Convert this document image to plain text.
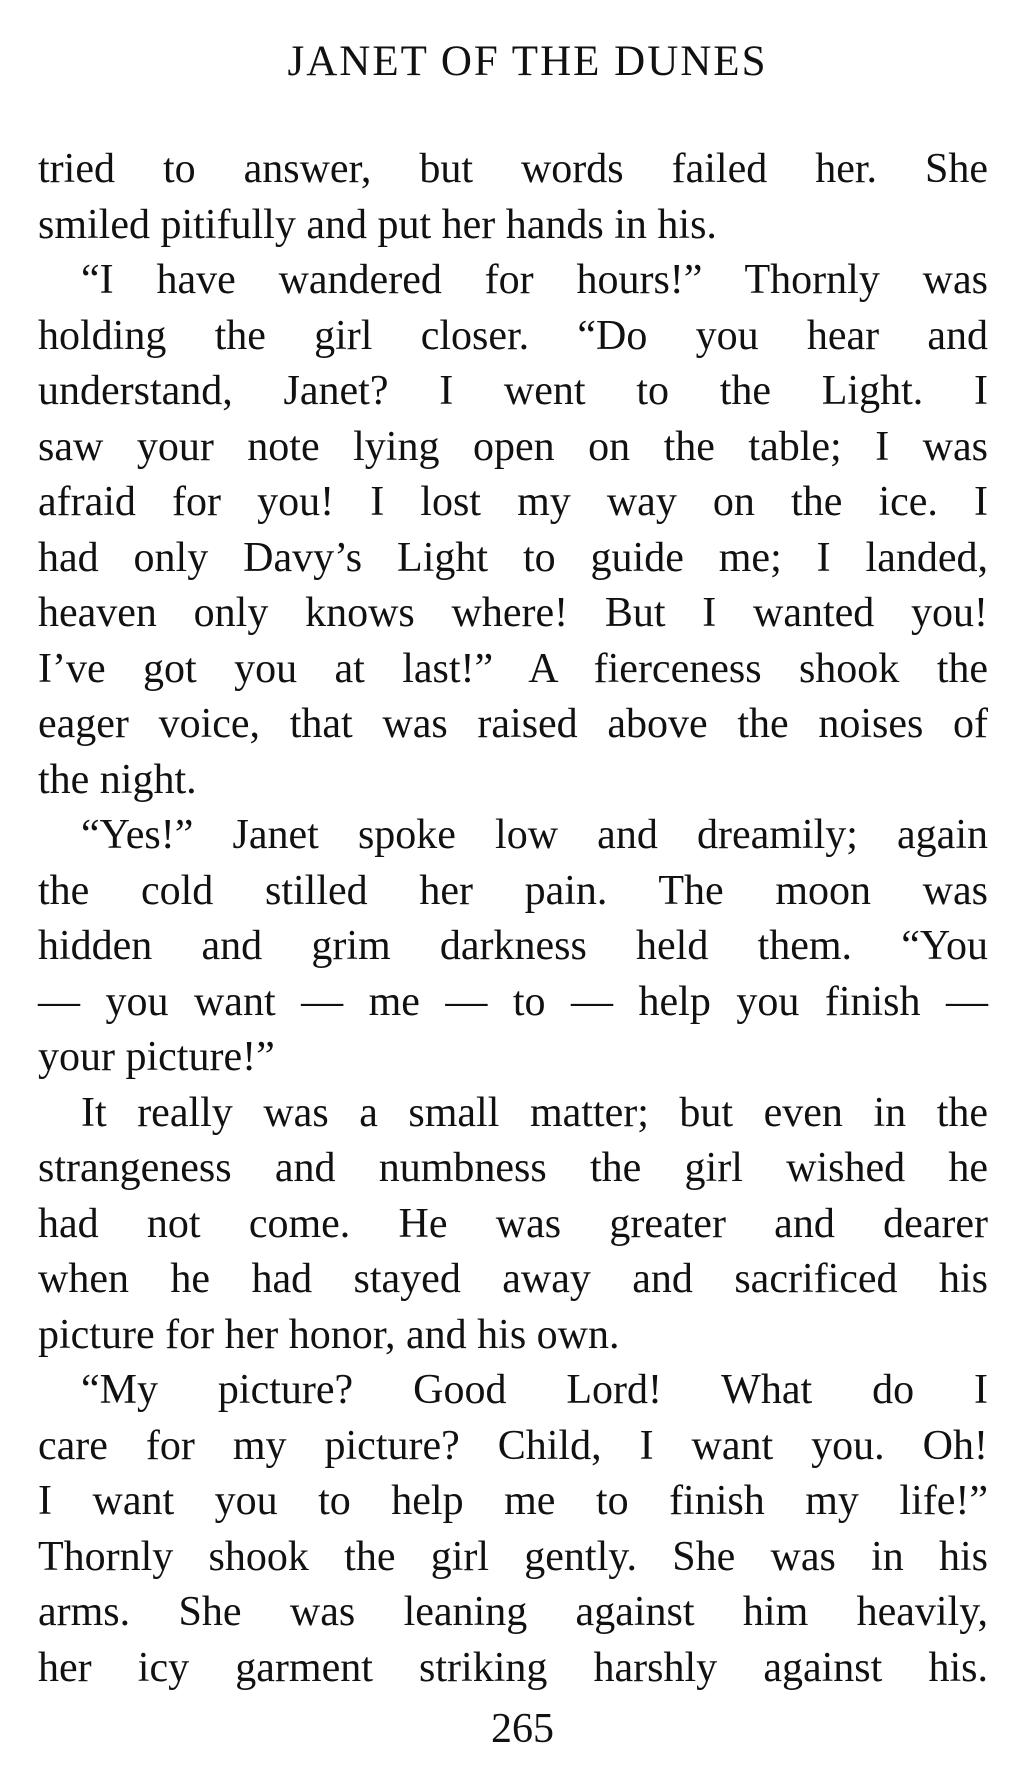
JANET OF THE DUNES
tried to answer, but words failed her. She
smiled pitifully and put her hands in his.
“I have wandered for hours!” Thornly was
holding the girl closer. “Do you hear and
understand, Janet? I went to the Light. I
saw your note lying open on the table; I was
afraid for you! I lost my way on the ice. I
had only Davy’s Light to guide me; I landed,
heaven only knows where! But I wanted you!
I’ve got you at last!” A fierceness shook the
eager voice, that was raised above the noises of
the night.
“Yes!” Janet spoke low and dreamily; again
the cold stilled her pain. The moon was
hidden and grim darkness held them. “You
— you want — me — to — help you finish —
your picture!”
It really was a small matter; but even in the
strangeness and numbness the girl wished he
had not come. He was greater and dearer
when he had stayed away and sacrificed his
picture for her honor, and his own.
“My picture? Good Lord! What do I
care for my picture? Child, I want you. Oh!
I want you to help me to finish my life!”
Thornly shook the girl gently. She was in his
arms. She was leaning against him heavily,
her icy garment striking harshly against his.
265
